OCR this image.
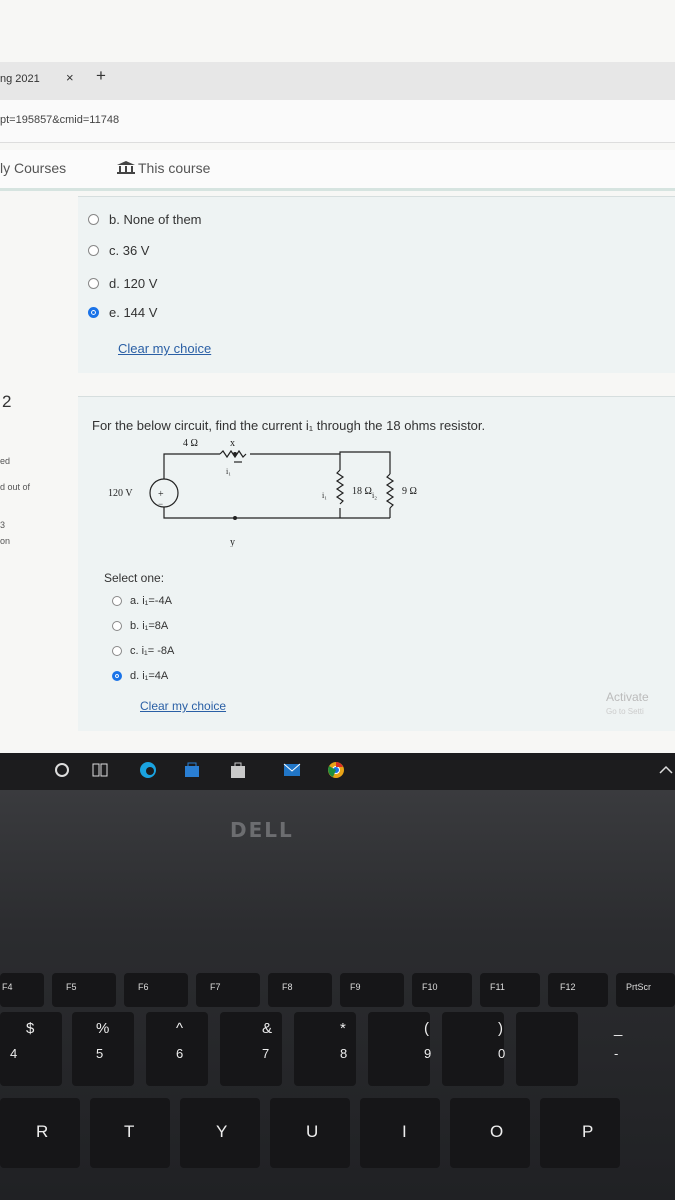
ng 2021 × +
pt=195857&cmid=11748
ly Courses	This course
b. None of them
c. 36 V
d. 120 V
e. 144 V
Clear my choice
2
ed
d out of
3
on
For the below circuit, find the current i₁ through the 18 ohms resistor.
+
−
4 Ω	x
y
i₁
120 V	i₁ 18 Ω i₂ 9 Ω
Select one:
a. i₁=-4A
b. i₁=8A
c. i₁= -8A
d. i₁=4A
Clear my choice
Activate
Go to Setti
DELL
F4	F5	F6	F7	F8	F9	F10	F11	F12	PrtScr
$
4
%
5
^
6
&
7
*
8
(
9
)
0
_
-
R	T	Y	U	I	O	P
